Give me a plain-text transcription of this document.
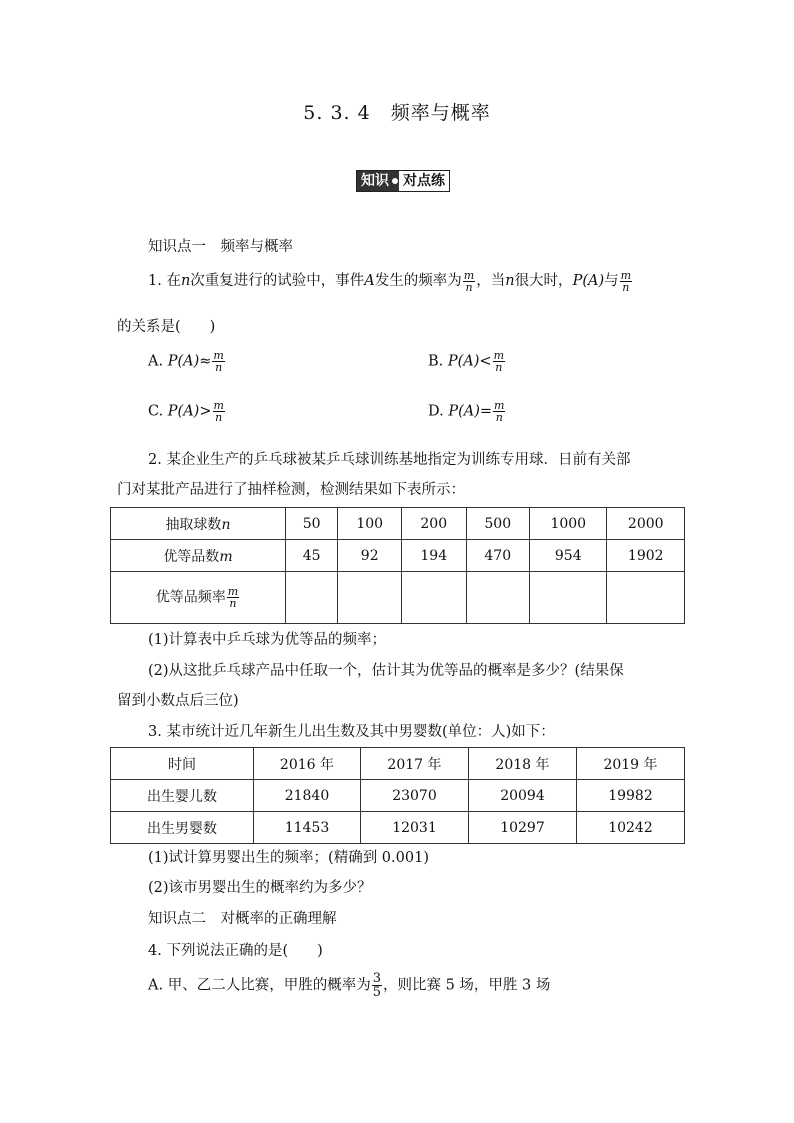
5. 3. 4　频率与概率
知识 对点练
知识点一　频率与概率
1. 在n次重复进行的试验中，事件A发生的频率为 $\frac{m}{n}$ ，当n很大时，P(A)与 $\frac{m}{n}$
的关系是(　　)
A. $P(A)\approx \frac{m}{n}$	B. $P(A)< \frac{m}{n}$
C. $P(A)> \frac{m}{n}$	D. $P(A)= \frac{m}{n}$
2. 某企业生产的乒乓球被某乒乓球训练基地指定为训练专用球．日前有关部
门对某批产品进行了抽样检测，检测结果如下表所示：
抽取球数n	50	100	200	500	1000	2000
优等品数m	45	92	194	470	954	1902
优等品频率 $\frac{m}{n}$

(1)计算表中乒乓球为优等品的频率；
(2)从这批乒乓球产品中任取一个，估计其为优等品的概率是多少？(结果保
留到小数点后三位)
3. 某市统计近几年新生儿出生数及其中男婴数(单位：人)如下：
时间	2016 年	2017 年	2018 年	2019 年
出生婴儿数	21840	23070	20094	19982
出生男婴数	11453	12031	10297	10242
(1)试计算男婴出生的频率；(精确到 0.001)
(2)该市男婴出生的概率约为多少？
知识点二　对概率的正确理解
4. 下列说法正确的是(　　)
A. 甲、乙二人比赛，甲胜的概率为 $\frac{3}{5}$ ，则比赛 5 场，甲胜 3 场
